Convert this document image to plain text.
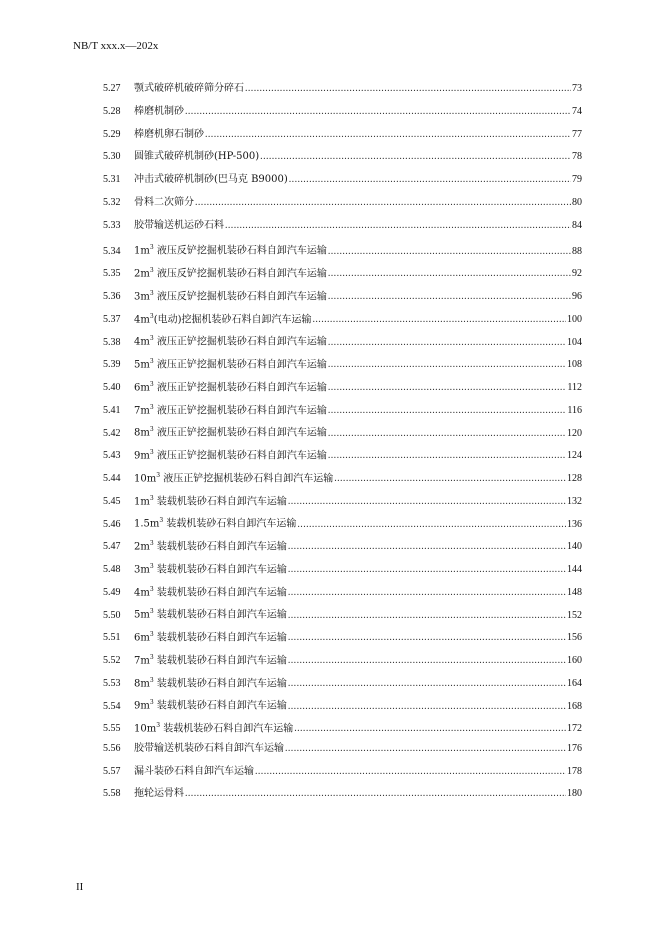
NB/T xxx.x—202x
5.27	颚式破碎机破碎筛分碎石 .....	73
5.28	棒磨机制砂 .....	74
5.29	棒磨机卵石制砂 .....	77
5.30	圆锥式破碎机制砂(HP-500) .....	78
5.31	冲击式破碎机制砂(巴马克 B9000) .....	79
5.32	骨料二次筛分 .....	80
5.33	胶带输送机运砂石料 .....	84
5.34	$1m^3$ 液压反铲挖掘机装砂石料自卸汽车运输 .....	88
5.35	$2m^3$ 液压反铲挖掘机装砂石料自卸汽车运输 .....	92
5.36	$3m^3$ 液压反铲挖掘机装砂石料自卸汽车运输 .....	96
5.37	$4m^3$(电动)挖掘机装砂石料自卸汽车运输 .....	100
5.38	$4m^3$ 液压正铲挖掘机装砂石料自卸汽车运输 .....	104
5.39	$5m^3$ 液压正铲挖掘机装砂石料自卸汽车运输 .....	108
5.40	$6m^3$ 液压正铲挖掘机装砂石料自卸汽车运输 .....	112
5.41	$7m^3$ 液压正铲挖掘机装砂石料自卸汽车运输 .....	116
5.42	$8m^3$ 液压正铲挖掘机装砂石料自卸汽车运输 .....	120
5.43	$9m^3$ 液压正铲挖掘机装砂石料自卸汽车运输 .....	124
5.44	$10m^3$ 液压正铲挖掘机装砂石料自卸汽车运输 .....	128
5.45	$1m^3$ 装载机装砂石料自卸汽车运输 .....	132
5.46	$1.5m^3$ 装载机装砂石料自卸汽车运输 .....	136
5.47	$2m^3$ 装载机装砂石料自卸汽车运输 .....	140
5.48	$3m^3$ 装载机装砂石料自卸汽车运输 .....	144
5.49	$4m^3$ 装载机装砂石料自卸汽车运输 .....	148
5.50	$5m^3$ 装载机装砂石料自卸汽车运输 .....	152
5.51	$6m^3$ 装载机装砂石料自卸汽车运输 .....	156
5.52	$7m^3$ 装载机装砂石料自卸汽车运输 .....	160
5.53	$8m^3$ 装载机装砂石料自卸汽车运输 .....	164
5.54	$9m^3$ 装载机装砂石料自卸汽车运输 .....	168
5.55	$10m^3$ 装载机装砂石料自卸汽车运输 .....	172
5.56	胶带输送机装砂石料自卸汽车运输 .....	176
5.57	漏斗装砂石料自卸汽车运输 .....	178
5.58	拖轮运骨料 .....	180
II
